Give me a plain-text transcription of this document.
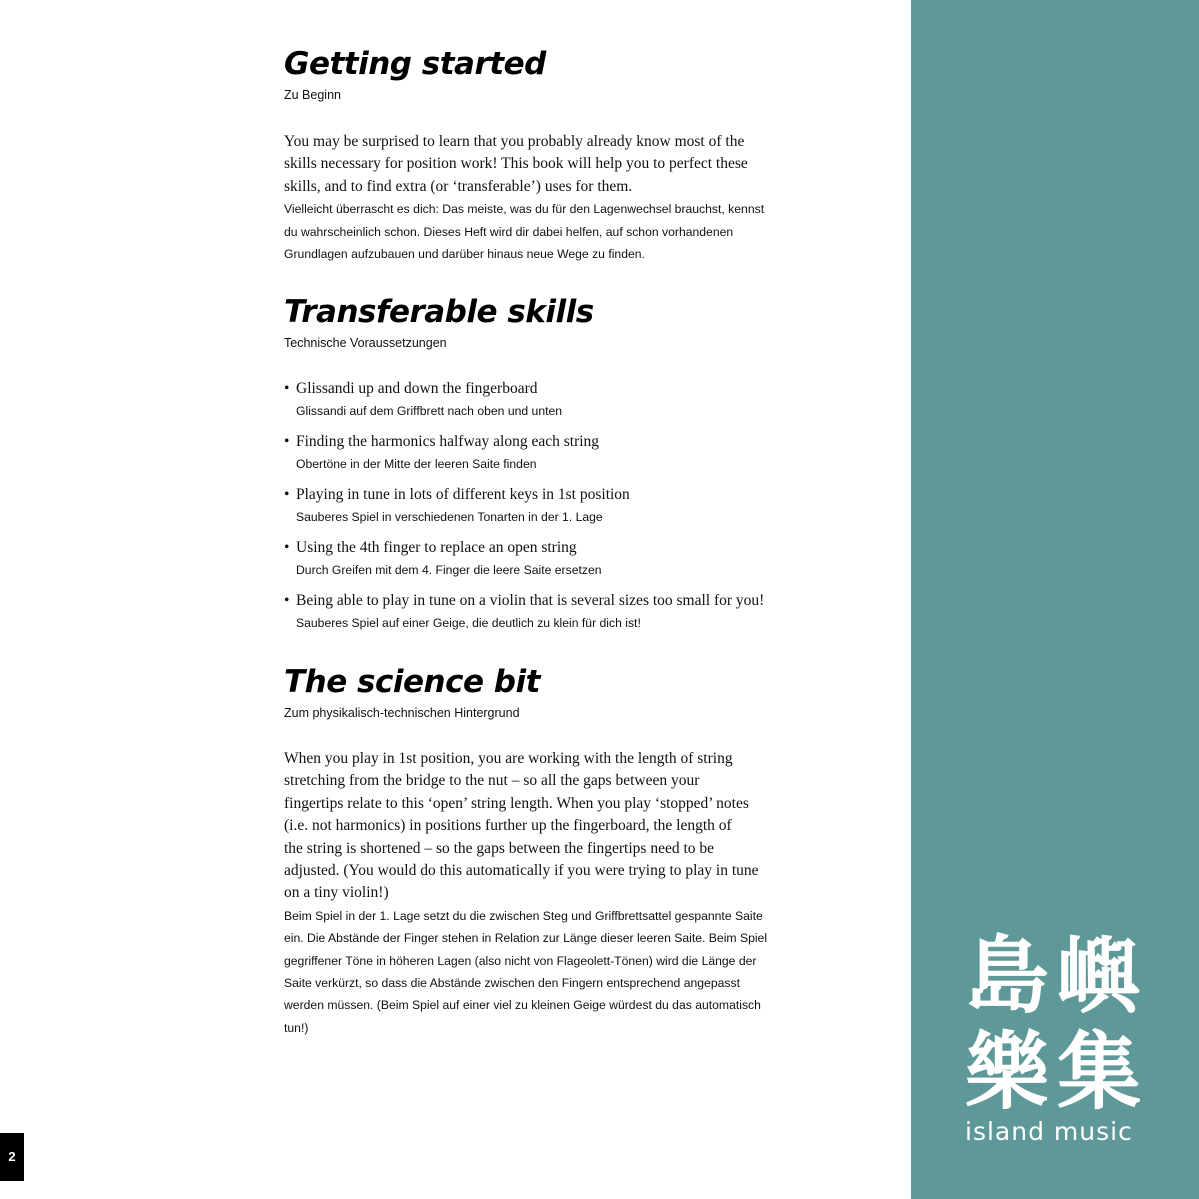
Getting started
Zu Beginn
You may be surprised to learn that you probably already know most of the
skills necessary for position work! This book will help you to perfect these
skills, and to find extra (or ‘transferable’) uses for them.
Vielleicht überrascht es dich: Das meiste, was du für den Lagenwechsel brauchst, kennst
du wahrscheinlich schon. Dieses Heft wird dir dabei helfen, auf schon vorhandenen
Grundlagen aufzubauen und darüber hinaus neue Wege zu finden.
Transferable skills
Technische Voraussetzungen
• Glissandi up and down the fingerboard
Glissandi auf dem Griffbrett nach oben und unten
• Finding the harmonics halfway along each string
Obertöne in der Mitte der leeren Saite finden
• Playing in tune in lots of different keys in 1st position
Sauberes Spiel in verschiedenen Tonarten in der 1. Lage
• Using the 4th finger to replace an open string
Durch Greifen mit dem 4. Finger die leere Saite ersetzen
• Being able to play in tune on a violin that is several sizes too small for you!
Sauberes Spiel auf einer Geige, die deutlich zu klein für dich ist!
The science bit
Zum physikalisch-technischen Hintergrund
When you play in 1st position, you are working with the length of string
stretching from the bridge to the nut – so all the gaps between your
fingertips relate to this ‘open’ string length. When you play ‘stopped’ notes
(i.e. not harmonics) in positions further up the fingerboard, the length of
the string is shortened – so the gaps between the fingertips need to be
adjusted. (You would do this automatically if you were trying to play in tune
on a tiny violin!)
Beim Spiel in der 1. Lage setzt du die zwischen Steg und Griffbrettsattel gespannte Saite
ein. Die Abstände der Finger stehen in Relation zur Länge dieser leeren Saite. Beim Spiel
gegriffener Töne in höheren Lagen (also nicht von Flageolett-Tönen) wird die Länge der
Saite verkürzt, so dass die Abstände zwischen den Fingern entsprechend angepasst
werden müssen. (Beim Spiel auf einer viel zu kleinen Geige würdest du das automatisch
tun!)
島嶼
樂集
island music
2
